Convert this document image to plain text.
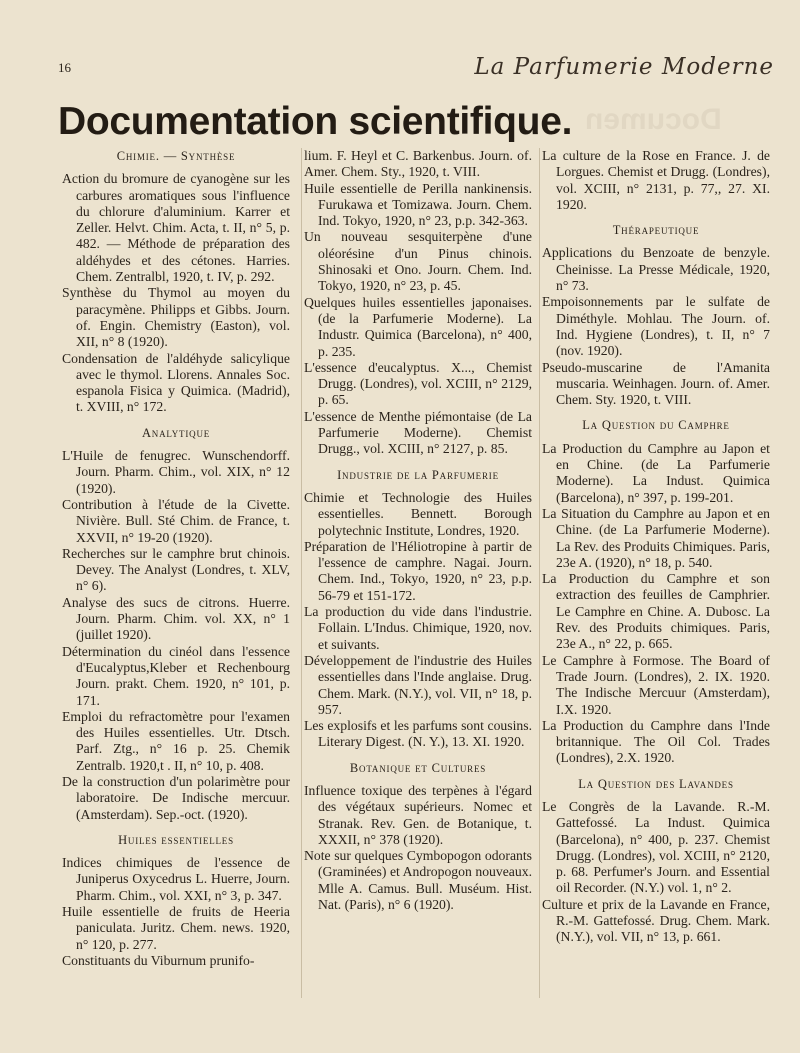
16	La Parfumerie Moderne
Documen
Documentation scientifique.
Chimie. — Synthèse

Action du bromure de cyanogène sur les carbures aromatiques sous l'influence du chlorure d'aluminium. Karrer et Zeller. Helvt. Chim. Acta, t. II, n° 5, p. 482. — Méthode de préparation des aldéhydes et des cétones. Harries. Chem. Zentralbl, 1920, t. IV, p. 292.

Synthèse du Thymol au moyen du paracymène. Philipps et Gibbs. Journ. of. Engin. Chemistry (Easton), vol. XII, n° 8 (1920).

Condensation de l'aldéhyde salicylique avec le thymol. Llorens. Annales Soc. espanola Fisica y Quimica. (Madrid), t. XVIII, n° 172.

Analytique

L'Huile de fenugrec. Wunschendorff. Journ. Pharm. Chim., vol. XIX, n° 12 (1920).

Contribution à l'étude de la Civette. Nivière. Bull. Sté Chim. de France, t. XXVII, n° 19-20 (1920).

Recherches sur le camphre brut chinois. Devey. The Analyst (Londres, t. XLV, n° 6).

Analyse des sucs de citrons. Huerre. Journ. Pharm. Chim. vol. XX, n° 1 (juillet 1920).

Détermination du cinéol dans l'essence d'Eucalyptus,Kleber et Rechenbourg Journ. prakt. Chem. 1920, n° 101, p. 171.

Emploi du refractomètre pour l'examen des Huiles essentielles. Utr. Dtsch. Parf. Ztg., n° 16 p. 25. Chemik Zentralb. 1920,t . II, n° 10, p. 408.

De la construction d'un polarimètre pour laboratoire. De Indische mercuur.(Amsterdam). Sep.-oct. (1920).

Huiles essentielles

Indices chimiques de l'essence de Juniperus Oxycedrus L. Huerre, Journ. Pharm. Chim., vol. XXI, n° 3, p. 347.

Huile essentielle de fruits de Heeria paniculata. Juritz. Chem. news. 1920, n° 120, p. 277.

Constituants du Viburnum prunifo-

lium. F. Heyl et C. Barkenbus. Journ. of. Amer. Chem. Sty., 1920, t. VIII.

Huile essentielle de Perilla nankinensis. Furukawa et Tomizawa. Journ. Chem. Ind. Tokyo, 1920, n° 23, p.p. 342-363.

Un nouveau sesquiterpène d'une oléorésine d'un Pinus chinois. Shinosaki et Ono. Journ. Chem. Ind. Tokyo, 1920, n° 23, p. 45.

Quelques huiles essentielles japonaises. (de la Parfumerie Moderne). La Industr. Quimica (Barcelona), n° 400, p. 235.

L'essence d'eucalyptus. X..., Chemist Drugg. (Londres), vol. XCIII, n° 2129, p. 65.

L'essence de Menthe piémontaise (de La Parfumerie Moderne). Chemist Drugg., vol. XCIII, n° 2127, p. 85.

Industrie de la Parfumerie

Chimie et Technologie des Huiles essentielles. Bennett. Borough polytechnic Institute, Londres, 1920.

Préparation de l'Héliotropine à partir de l'essence de camphre. Nagai. Journ. Chem. Ind., Tokyo, 1920, n° 23, p.p. 56-79 et 151-172.

La production du vide dans l'industrie. Follain. L'Indus. Chimique, 1920, nov. et suivants.

Développement de l'industrie des Huiles essentielles dans l'Inde anglaise. Drug. Chem. Mark. (N.Y.), vol. VII, n° 18, p. 957.

Les explosifs et les parfums sont cousins. Literary Digest. (N. Y.), 13. XI. 1920.

Botanique et Cultures

Influence toxique des terpènes à l'égard des végétaux supérieurs. Nomec et Stranak. Rev. Gen. de Botanique, t. XXXII, n° 378 (1920).

Note sur quelques Cymbopogon odorants (Graminées) et Andropogon nouveaux. Mlle A. Camus. Bull. Muséum. Hist. Nat. (Paris), n° 6 (1920).

La culture de la Rose en France. J. de Lorgues. Chemist et Drugg. (Londres), vol. XCIII, n° 2131, p. 77,, 27. XI. 1920.

Thérapeutique

Applications du Benzoate de benzyle. Cheinisse. La Presse Médicale, 1920, n° 73.

Empoisonnements par le sulfate de Diméthyle. Mohlau. The Journ. of. Ind. Hygiene (Londres), t. II, n° 7 (nov. 1920).

Pseudo-muscarine de l'Amanita muscaria. Weinhagen. Journ. of. Amer. Chem. Sty. 1920, t. VIII.

La Question du Camphre

La Production du Camphre au Japon et en Chine. (de La Parfumerie Moderne). La Indust. Quimica (Barcelona), n° 397, p. 199-201.

La Situation du Camphre au Japon et en Chine. (de La Parfumerie Moderne). La Rev. des Produits Chimiques. Paris, 23e A. (1920), n° 18, p. 540.

La Production du Camphre et son extraction des feuilles de Camphrier. Le Camphre en Chine. A. Dubosc. La Rev. des Produits chimiques. Paris, 23e A., n° 22, p. 665.

Le Camphre à Formose. The Board of Trade Journ. (Londres), 2. IX. 1920. The Indische Mercuur (Amsterdam), I.X. 1920.

La Production du Camphre dans l'Inde britannique. The Oil Col. Trades (Londres), 2.X. 1920.

La Question des Lavandes

Le Congrès de la Lavande. R.-M. Gattefossé. La Indust. Quimica (Barcelona), n° 400, p. 237. Chemist Drugg. (Londres), vol. XCIII, n° 2120, p. 68. Perfumer's Journ. and Essential oil Recorder. (N.Y.) vol. 1, n° 2.

Culture et prix de la Lavande en France, R.-M. Gattefossé. Drug. Chem. Mark. (N.Y.), vol. VII, n° 13, p. 661.
